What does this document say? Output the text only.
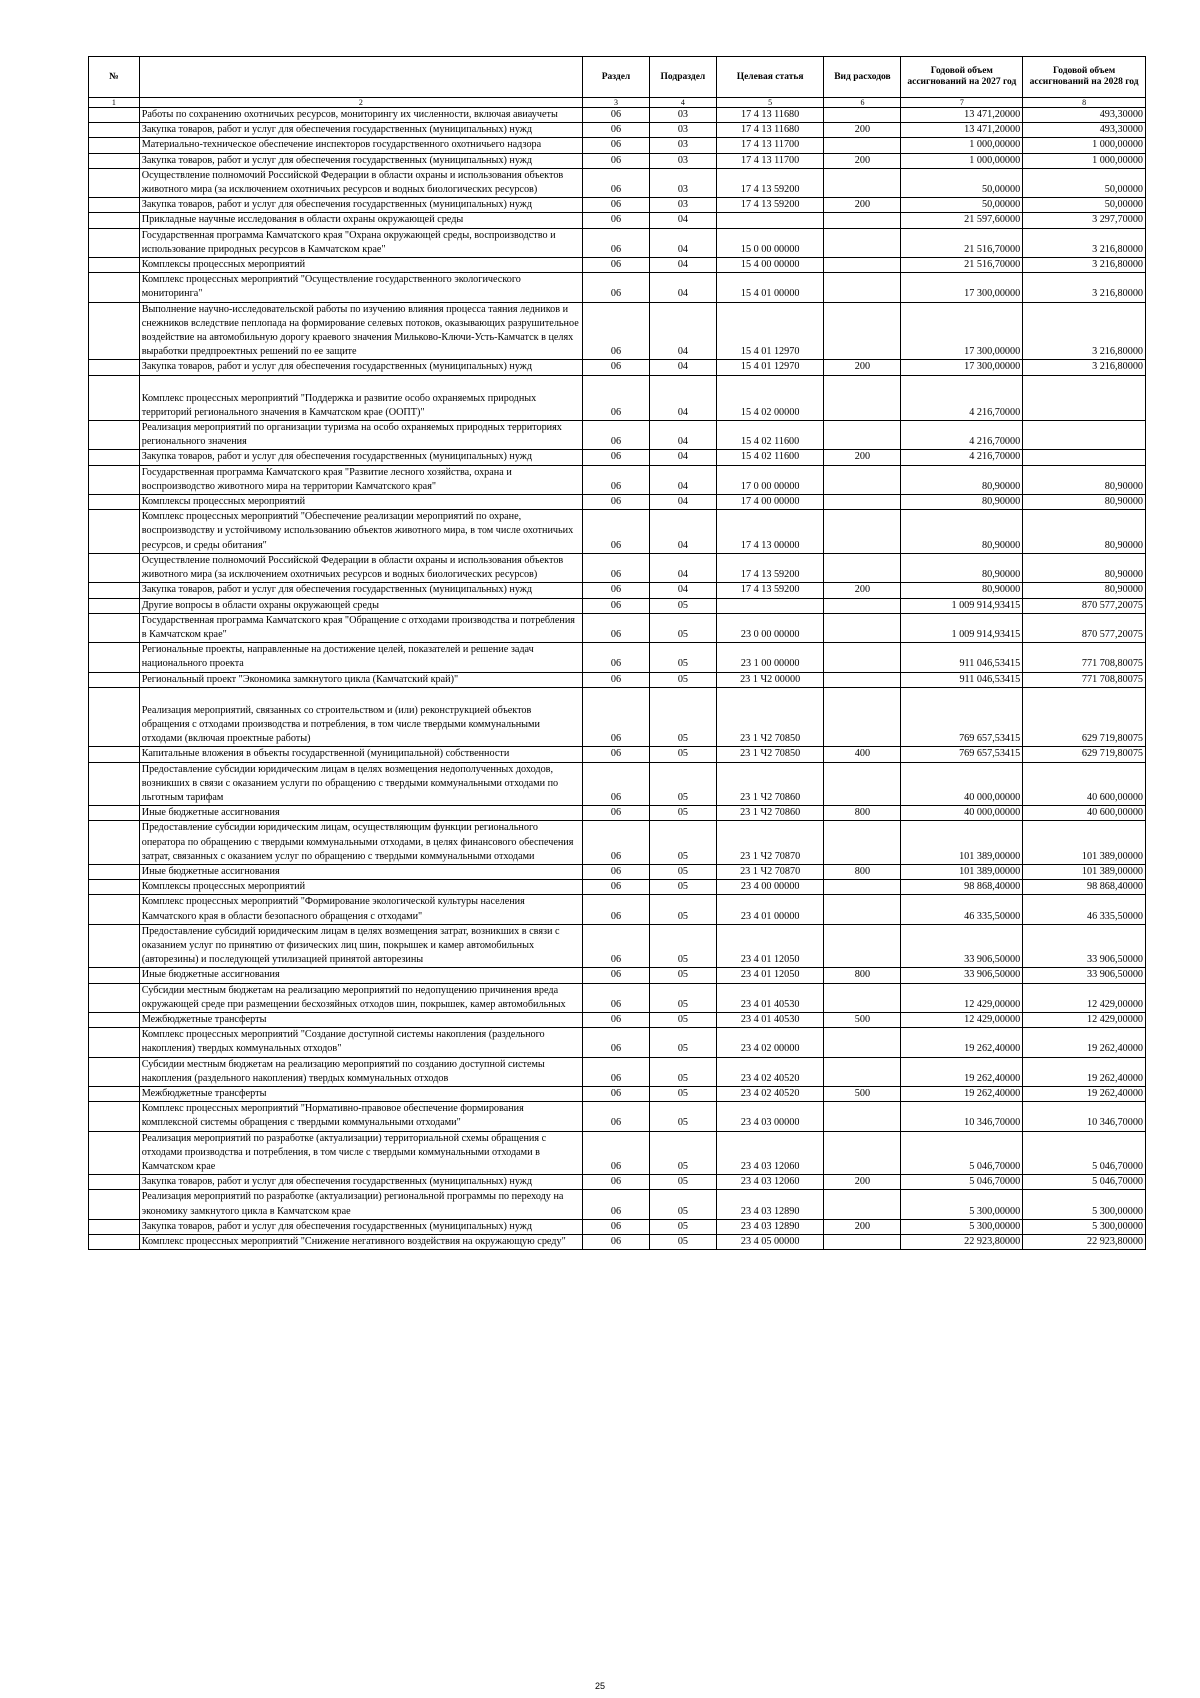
№		Раздел	Подраздел	Целевая статья	Вид расходов	Годовой объем ассигнований на 2027 год	Годовой объем ассигнований на 2028 год
1	2	3	4	5	6	7	8
	Работы по сохранению охотничьих ресурсов, мониторингу их численности, включая авиаучеты	06	03	17 4 13 11680		13 471,20000	493,30000
	Закупка товаров, работ и услуг для обеспечения государственных (муниципальных) нужд	06	03	17 4 13 11680	200	13 471,20000	493,30000
	Материально-техническое обеспечение инспекторов государственного охотничьего надзора	06	03	17 4 13 11700		1 000,00000	1 000,00000
	Закупка товаров, работ и услуг для обеспечения государственных (муниципальных) нужд	06	03	17 4 13 11700	200	1 000,00000	1 000,00000
	Осуществление полномочий Российской Федерации в области охраны и использования объектов животного мира (за исключением охотничьих ресурсов и водных биологических ресурсов)	06	03	17 4 13 59200		50,00000	50,00000
	Закупка товаров, работ и услуг для обеспечения государственных (муниципальных) нужд	06	03	17 4 13 59200	200	50,00000	50,00000
	Прикладные научные исследования в области охраны окружающей среды	06	04			21 597,60000	3 297,70000
	Государственная программа Камчатского края "Охрана окружающей среды, воспроизводство и использование природных ресурсов в Камчатском крае"	06	04	15 0 00 00000		21 516,70000	3 216,80000
	Комплексы процессных мероприятий	06	04	15 4 00 00000		21 516,70000	3 216,80000
	Комплекс процессных мероприятий "Осуществление государственного экологического мониторинга"	06	04	15 4 01 00000		17 300,00000	3 216,80000
	Выполнение научно-исследовательской работы по изучению влияния процесса таяния ледников и снежников вследствие пеплопада на формирование селевых потоков, оказывающих разрушительное воздействие на автомобильную дорогу краевого значения Мильково-Ключи-Усть-Камчатск в целях выработки предпроектных решений по ее защите	06	04	15 4 01 12970		17 300,00000	3 216,80000
	Закупка товаров, работ и услуг для обеспечения государственных (муниципальных) нужд	06	04	15 4 01 12970	200	17 300,00000	3 216,80000
	Комплекс процессных мероприятий "Поддержка и развитие особо охраняемых природных территорий регионального значения в Камчатском крае (ООПТ)"	06	04	15 4 02 00000		4 216,70000	
	Реализация мероприятий по организации туризма на особо охраняемых природных территориях регионального значения	06	04	15 4 02 11600		4 216,70000	
	Закупка товаров, работ и услуг для обеспечения государственных (муниципальных) нужд	06	04	15 4 02 11600	200	4 216,70000	
	Государственная программа Камчатского края "Развитие лесного хозяйства, охрана и воспроизводство животного мира на территории Камчатского края"	06	04	17 0 00 00000		80,90000	80,90000
	Комплексы процессных мероприятий	06	04	17 4 00 00000		80,90000	80,90000
	Комплекс процессных мероприятий "Обеспечение реализации мероприятий по охране, воспроизводству и устойчивому использованию объектов животного мира, в том числе охотничьих ресурсов, и среды обитания"	06	04	17 4 13 00000		80,90000	80,90000
	Осуществление полномочий Российской Федерации в области охраны и использования объектов животного мира (за исключением охотничьих ресурсов и водных биологических ресурсов)	06	04	17 4 13 59200		80,90000	80,90000
	Закупка товаров, работ и услуг для обеспечения государственных (муниципальных) нужд	06	04	17 4 13 59200	200	80,90000	80,90000
	Другие вопросы в области охраны окружающей среды	06	05			1 009 914,93415	870 577,20075
	Государственная программа Камчатского края "Обращение с отходами производства и потребления в Камчатском крае"	06	05	23 0 00 00000		1 009 914,93415	870 577,20075
	Региональные проекты, направленные на достижение целей, показателей и решение задач национального проекта	06	05	23 1 00 00000		911 046,53415	771 708,80075
	Региональный проект "Экономика замкнутого цикла (Камчатский край)"	06	05	23 1 Ч2 00000		911 046,53415	771 708,80075
	Реализация мероприятий, связанных со строительством и (или) реконструкцией объектов обращения с отходами производства и потребления, в том числе твердыми коммунальными отходами (включая проектные работы)	06	05	23 1 Ч2 70850		769 657,53415	629 719,80075
	Капитальные вложения в объекты государственной (муниципальной) собственности	06	05	23 1 Ч2 70850	400	769 657,53415	629 719,80075
	Предоставление субсидии юридическим лицам в целях возмещения недополученных доходов, возникших в связи с оказанием услуги по обращению с твердыми коммунальными отходами по льготным тарифам	06	05	23 1 Ч2 70860		40 000,00000	40 600,00000
	Иные бюджетные ассигнования	06	05	23 1 Ч2 70860	800	40 000,00000	40 600,00000
	Предоставление субсидии юридическим лицам, осуществляющим функции регионального оператора по обращению с твердыми коммунальными отходами, в целях финансового обеспечения затрат, связанных с оказанием услуг по обращению с твердыми коммунальными отходами	06	05	23 1 Ч2 70870		101 389,00000	101 389,00000
	Иные бюджетные ассигнования	06	05	23 1 Ч2 70870	800	101 389,00000	101 389,00000
	Комплексы процессных мероприятий	06	05	23 4 00 00000		98 868,40000	98 868,40000
	Комплекс процессных мероприятий "Формирование экологической культуры населения Камчатского края в области безопасного обращения с отходами"	06	05	23 4 01 00000		46 335,50000	46 335,50000
	Предоставление субсидий юридическим лицам в целях возмещения затрат, возникших в связи с оказанием услуг по принятию от физических лиц шин, покрышек и камер автомобильных (авторезины) и последующей утилизацией принятой авторезины	06	05	23 4 01 12050		33 906,50000	33 906,50000
	Иные бюджетные ассигнования	06	05	23 4 01 12050	800	33 906,50000	33 906,50000
	Субсидии местным бюджетам на реализацию мероприятий по недопущению причинения вреда окружающей среде при размещении бесхозяйных отходов шин, покрышек, камер автомобильных	06	05	23 4 01 40530		12 429,00000	12 429,00000
	Межбюджетные трансферты	06	05	23 4 01 40530	500	12 429,00000	12 429,00000
	Комплекс процессных мероприятий "Создание доступной системы накопления (раздельного накопления) твердых коммунальных отходов"	06	05	23 4 02 00000		19 262,40000	19 262,40000
	Субсидии местным бюджетам на реализацию мероприятий по созданию доступной системы накопления (раздельного накопления) твердых коммунальных отходов	06	05	23 4 02 40520		19 262,40000	19 262,40000
	Межбюджетные трансферты	06	05	23 4 02 40520	500	19 262,40000	19 262,40000
	Комплекс процессных мероприятий "Нормативно-правовое обеспечение формирования комплексной системы обращения с твердыми коммунальными отходами"	06	05	23 4 03 00000		10 346,70000	10 346,70000
	Реализация мероприятий по разработке (актуализации) территориальной схемы обращения с отходами производства и потребления, в том числе с твердыми коммунальными отходами в Камчатском крае	06	05	23 4 03 12060		5 046,70000	5 046,70000
	Закупка товаров, работ и услуг для обеспечения государственных (муниципальных) нужд	06	05	23 4 03 12060	200	5 046,70000	5 046,70000
	Реализация мероприятий по разработке (актуализации) региональной программы по переходу на экономику замкнутого цикла в Камчатском крае	06	05	23 4 03 12890		5 300,00000	5 300,00000
	Закупка товаров, работ и услуг для обеспечения государственных (муниципальных) нужд	06	05	23 4 03 12890	200	5 300,00000	5 300,00000
	Комплекс процессных мероприятий "Снижение негативного воздействия на окружающую среду"	06	05	23 4 05 00000		22 923,80000	22 923,80000
25
